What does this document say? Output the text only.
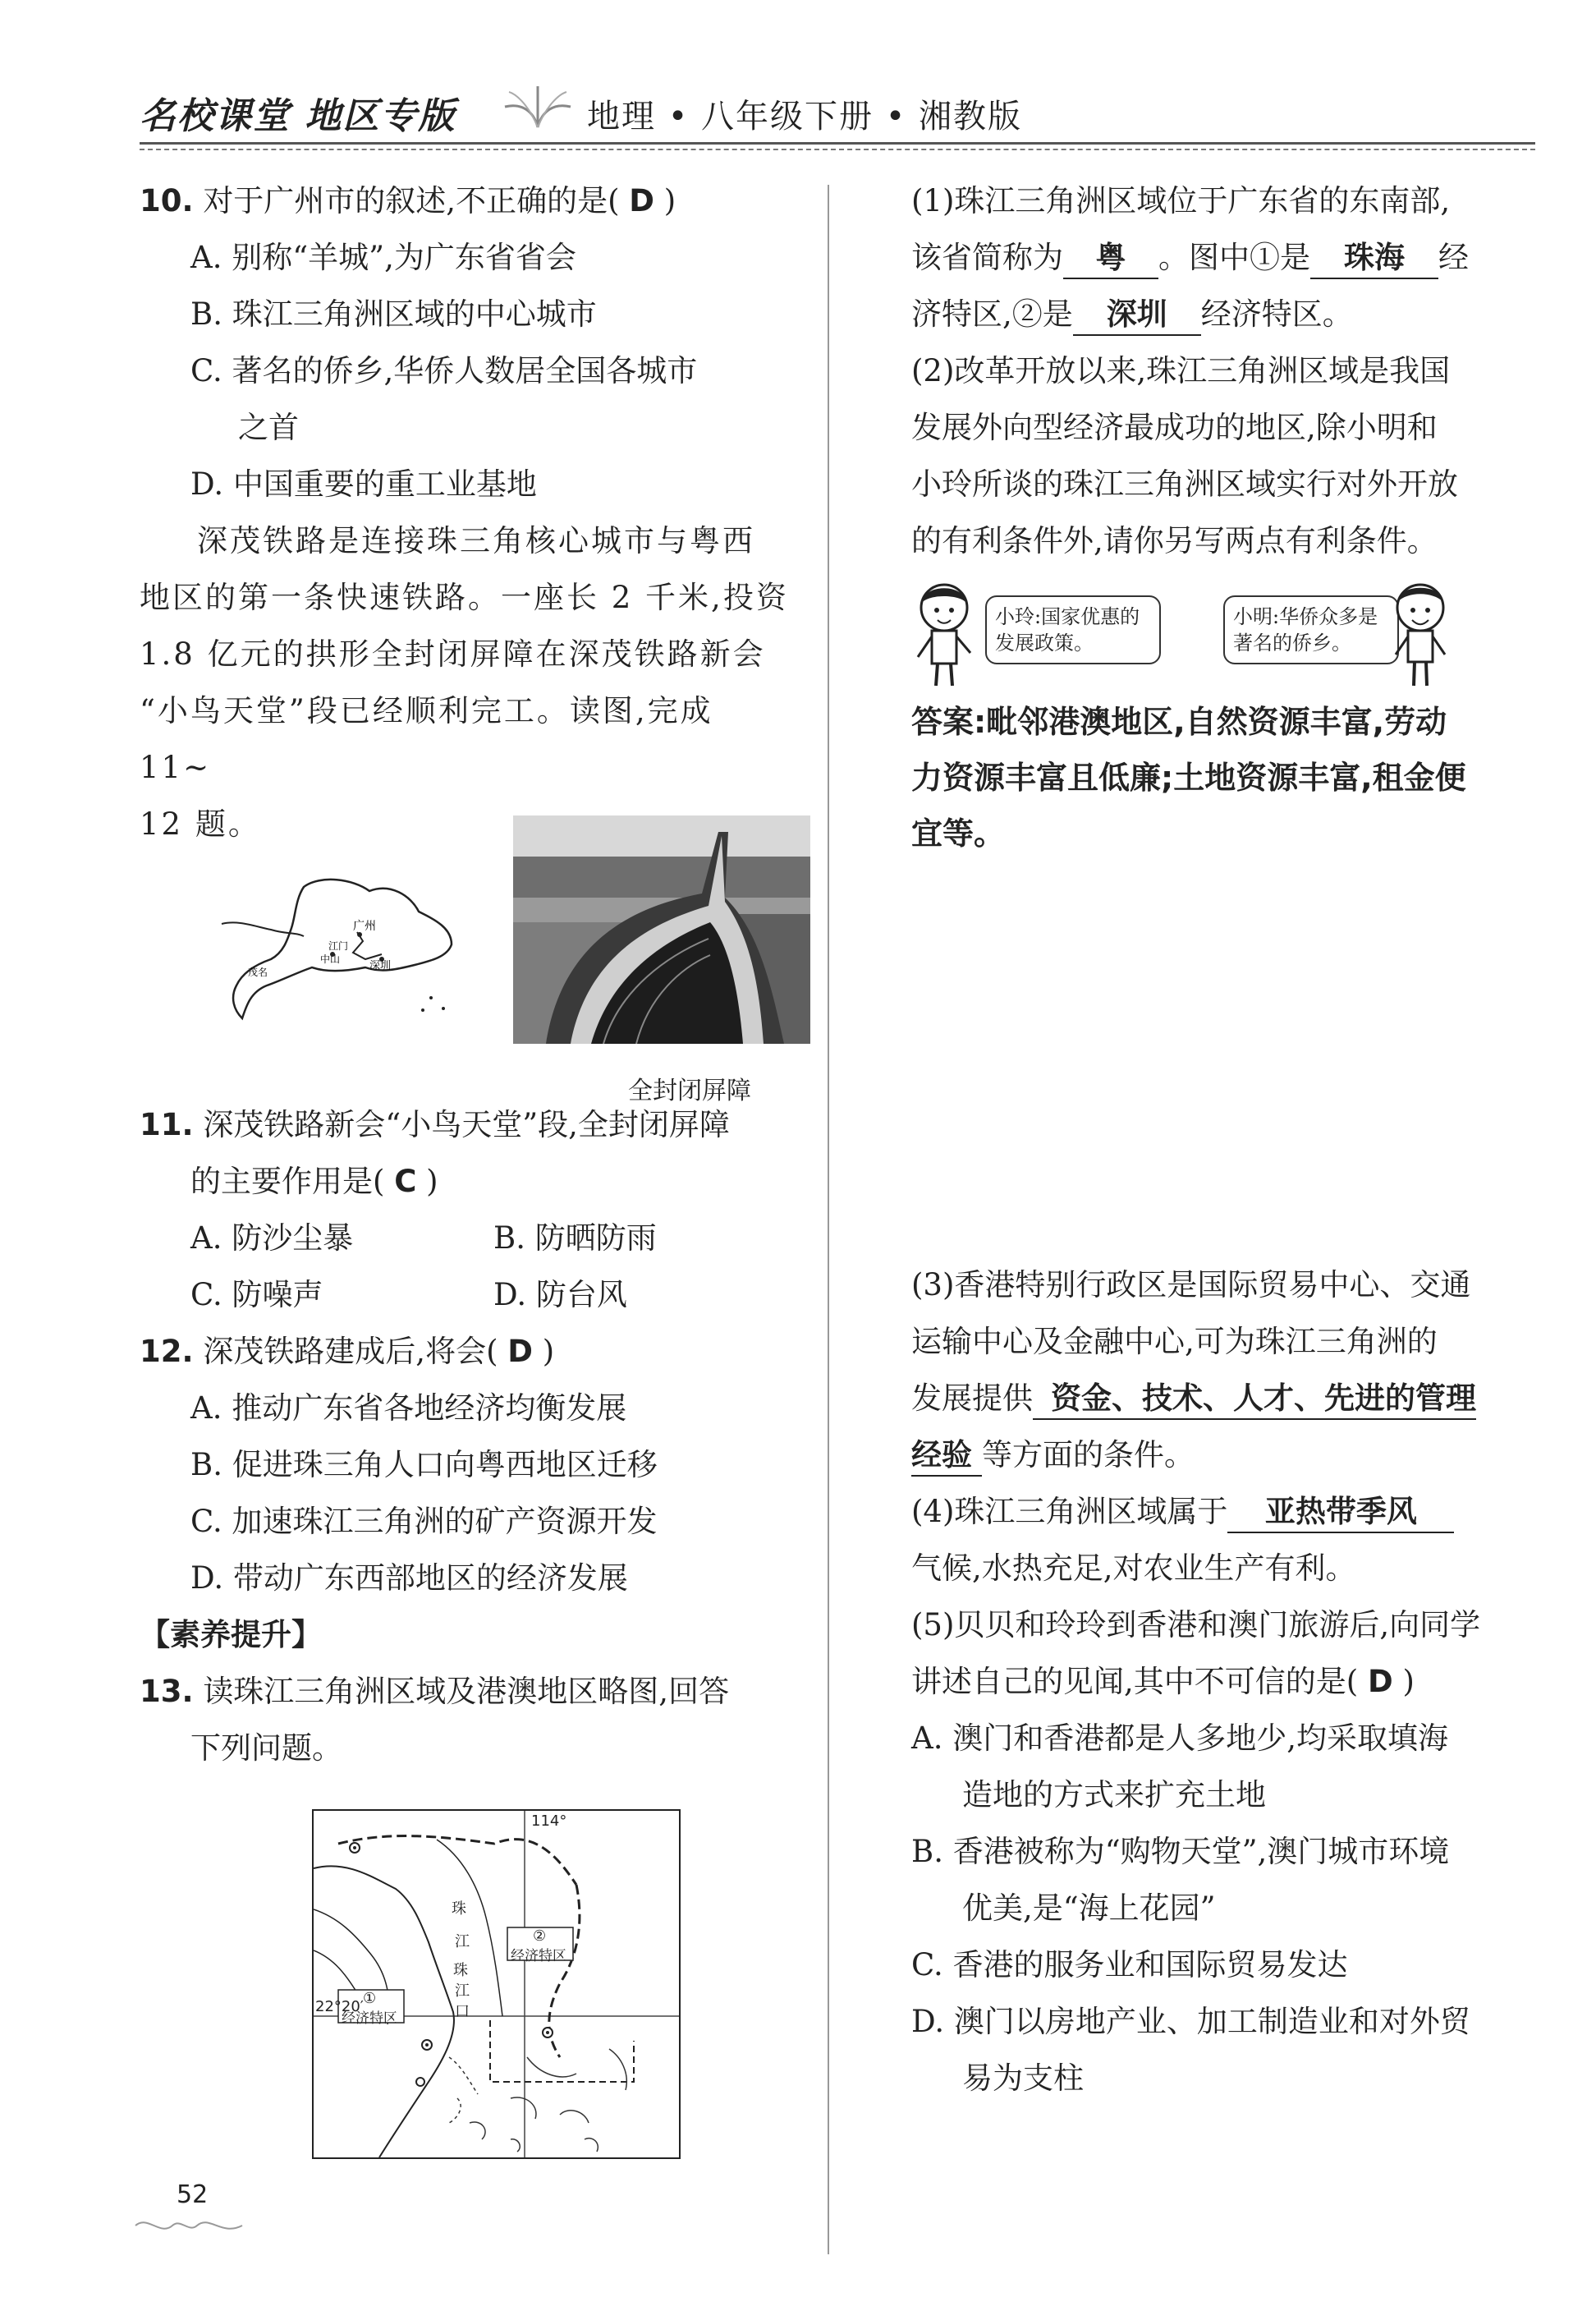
名校课堂 地区专版	地理 • 八年级下册 • 湘教版
10. 对于广州市的叙述,不正确的是( D )
A. 别称“羊城”,为广东省省会
B. 珠江三角洲区域的中心城市
C. 著名的侨乡,华侨人数居全国各城市
之首
D. 中国重要的重工业基地
深茂铁路是连接珠三角核心城市与粤西
地区的第一条快速铁路。一座长 2 千米,投资
1.8 亿元的拱形全封闭屏障在深茂铁路新会
“小鸟天堂”段已经顺利完工。读图,完成 11~
12 题。
广州
江门
中山
深圳
茂名
全封闭屏障
11. 深茂铁路新会“小鸟天堂”段,全封闭屏障
的主要作用是( C )
A. 防沙尘暴	B. 防晒防雨
C. 防噪声	D. 防台风
12. 深茂铁路建成后,将会( D )
A. 推动广东省各地经济均衡发展
B. 促进珠三角人口向粤西地区迁移
C. 加速珠江三角洲的矿产资源开发
D. 带动广东西部地区的经济发展
【素养提升】
13. 读珠江三角洲区域及港澳地区略图,回答
下列问题。
114°
22°20′
珠
江
珠
江
口
①
经济特区
②
经济特区
(1)珠江三角洲区域位于广东省的东南部,
该省简称为 粤 。图中①是 珠海 经
济特区,②是 深圳 经济特区。
(2)改革开放以来,珠江三角洲区域是我国
发展外向型经济最成功的地区,除小明和
小玲所谈的珠江三角洲区域实行对外开放
的有利条件外,请你另写两点有利条件。
小玲:国家优惠的发展政策。
小明:华侨众多是著名的侨乡。
答案:毗邻港澳地区,自然资源丰富,劳动
力资源丰富且低廉;土地资源丰富,租金便
宜等。
(3)香港特别行政区是国际贸易中心、交通
运输中心及金融中心,可为珠江三角洲的
发展提供 资金、技术、人才、先进的管理
经验 等方面的条件。
(4)珠江三角洲区域属于 亚热带季风
气候,水热充足,对农业生产有利。
(5)贝贝和玲玲到香港和澳门旅游后,向同学
讲述自己的见闻,其中不可信的是( D )
A. 澳门和香港都是人多地少,均采取填海
造地的方式来扩充土地
B. 香港被称为“购物天堂”,澳门城市环境
优美,是“海上花园”
C. 香港的服务业和国际贸易发达
D. 澳门以房地产业、加工制造业和对外贸
易为支柱
52
